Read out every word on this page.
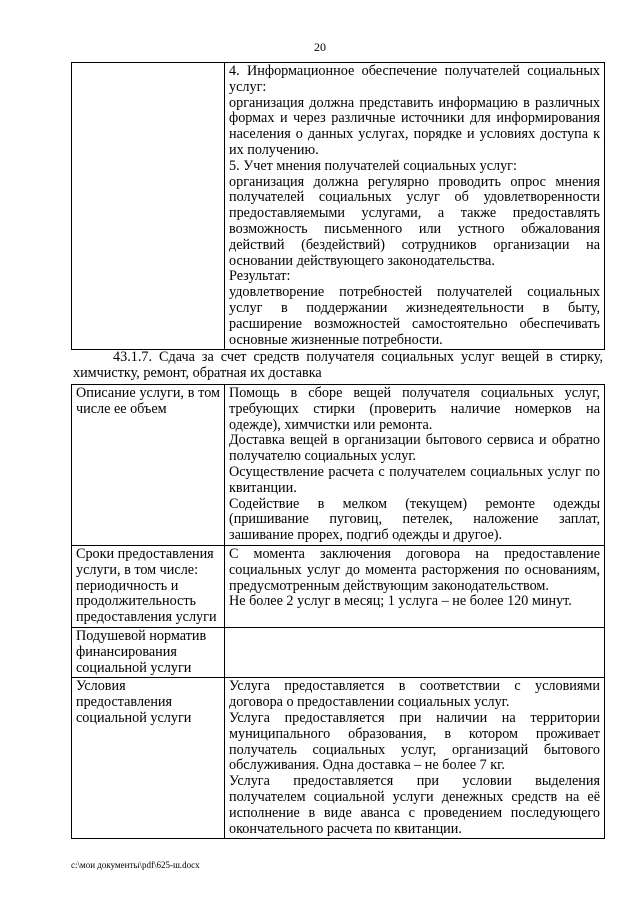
20

4. Информационное обеспечение получателей социальных услуг:
организация должна представить информацию в различных формах и через различные источники для информирования населения о данных услугах, порядке и условиях доступа к их получению.
5. Учет мнения получателей социальных услуг:
организация должна регулярно проводить опрос мнения получателей социальных услуг об удовлетворенности предоставляемыми услугами, а также предоставлять возможность письменного или устного обжалования действий (бездействий) сотрудников организации на основании действующего законодательства.
Результат:
удовлетворение потребностей получателей социальных услуг в поддержании жизнедеятельности в быту, расширение возможностей самостоятельно обеспечивать основные жизненные потребности.
43.1.7. Сдача за счет средств получателя социальных услуг вещей в стирку, химчистку, ремонт, обратная их доставка
Описание услуги, в том числе ее объем	Помощь в сборе вещей получателя социальных услуг, требующих стирки (проверить наличие номерков на одежде), химчистки или ремонта.
Доставка вещей в организации бытового сервиса и обратно получателю социальных услуг.
Осуществление расчета с получателем социальных услуг по квитанции.
Содействие в мелком (текущем) ремонте одежды (пришивание пуговиц, петелек, наложение заплат, зашивание прорех, подгиб одежды и другое).

Сроки предоставления услуги, в том числе: периодичность и продолжительность предоставления услуги	С момента заключения договора на предоставление социальных услуг до момента расторжения по основаниям, предусмотренным действующим законодательством.
Не более 2 услуг в месяц; 1 услуга – не более 120 минут.

Подушевой норматив финансирования социальной услуги	
Условия предоставления социальной услуги	Услуга предоставляется в соответствии с условиями договора о предоставлении социальных услуг.
Услуга предоставляется при наличии на территории муниципального образования, в котором проживает получатель социальных услуг, организаций бытового обслуживания. Одна доставка – не более 7 кг.
Услуга предоставляется при условии выделения получателем социальной услуги денежных средств на её исполнение в виде аванса с проведением последующего окончательного расчета по квитанции.
c:\мои документы\pdf\625-ш.docx
